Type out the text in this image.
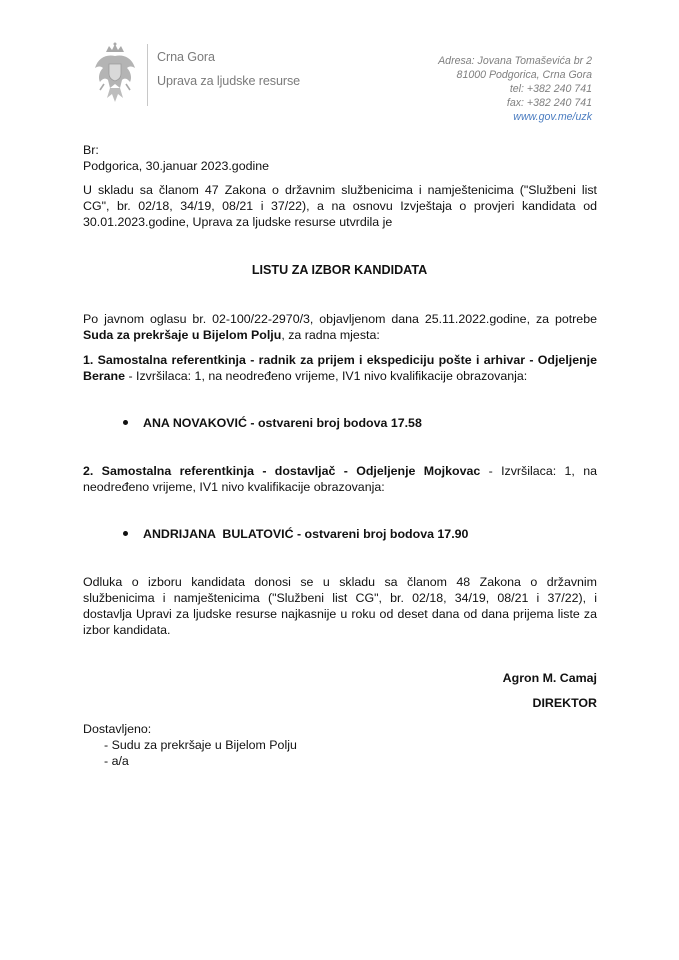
Crna Gora
Uprava za ljudske resurse
Adresa: Jovana Tomaševića br 2
81000 Podgorica, Crna Gora
tel: +382 240 741
fax: +382 240 741
www.gov.me/uzk
Br:
Podgorica, 30.januar 2023.godine
U skladu sa članom 47 Zakona o državnim službenicima i namještenicima ("Službeni list
CG", br. 02/18, 34/19, 08/21 i 37/22), a na osnovu Izvještaja o provjeri kandidata od
30.01.2023.godine, Uprava za ljudske resurse utvrdila je
LISTU ZA IZBOR KANDIDATA
Po javnom oglasu br. 02-100/22-2970/3, objavljenom dana 25.11.2022.godine, za potrebe
Suda za prekršaje u Bijelom Polju, za radna mjesta:
1. Samostalna referentkinja - radnik za prijem i ekspediciju pošte i arhivar - Odjeljenje
Berane - Izvršilaca: 1, na neodređeno vrijeme, IV1 nivo kvalifikacije obrazovanja:
ANA NOVAKOVIĆ - ostvareni broj bodova 17.58
2. Samostalna referentkinja - dostavljač - Odjeljenje Mojkovac - Izvršilaca: 1, na
neodređeno vrijeme, IV1 nivo kvalifikacije obrazovanja:
ANDRIJANA  BULATOVIĆ - ostvareni broj bodova 17.90
Odluka o izboru kandidata donosi se u skladu sa članom 48 Zakona o državnim
službenicima i namještenicima ("Službeni list CG", br. 02/18, 34/19, 08/21 i 37/22), i
dostavlja Upravi za ljudske resurse najkasnije u roku od deset dana od dana prijema liste za
izbor kandidata.
Agron M. Camaj
DIREKTOR
Dostavljeno:
- Sudu za prekršaje u Bijelom Polju
- a/a
